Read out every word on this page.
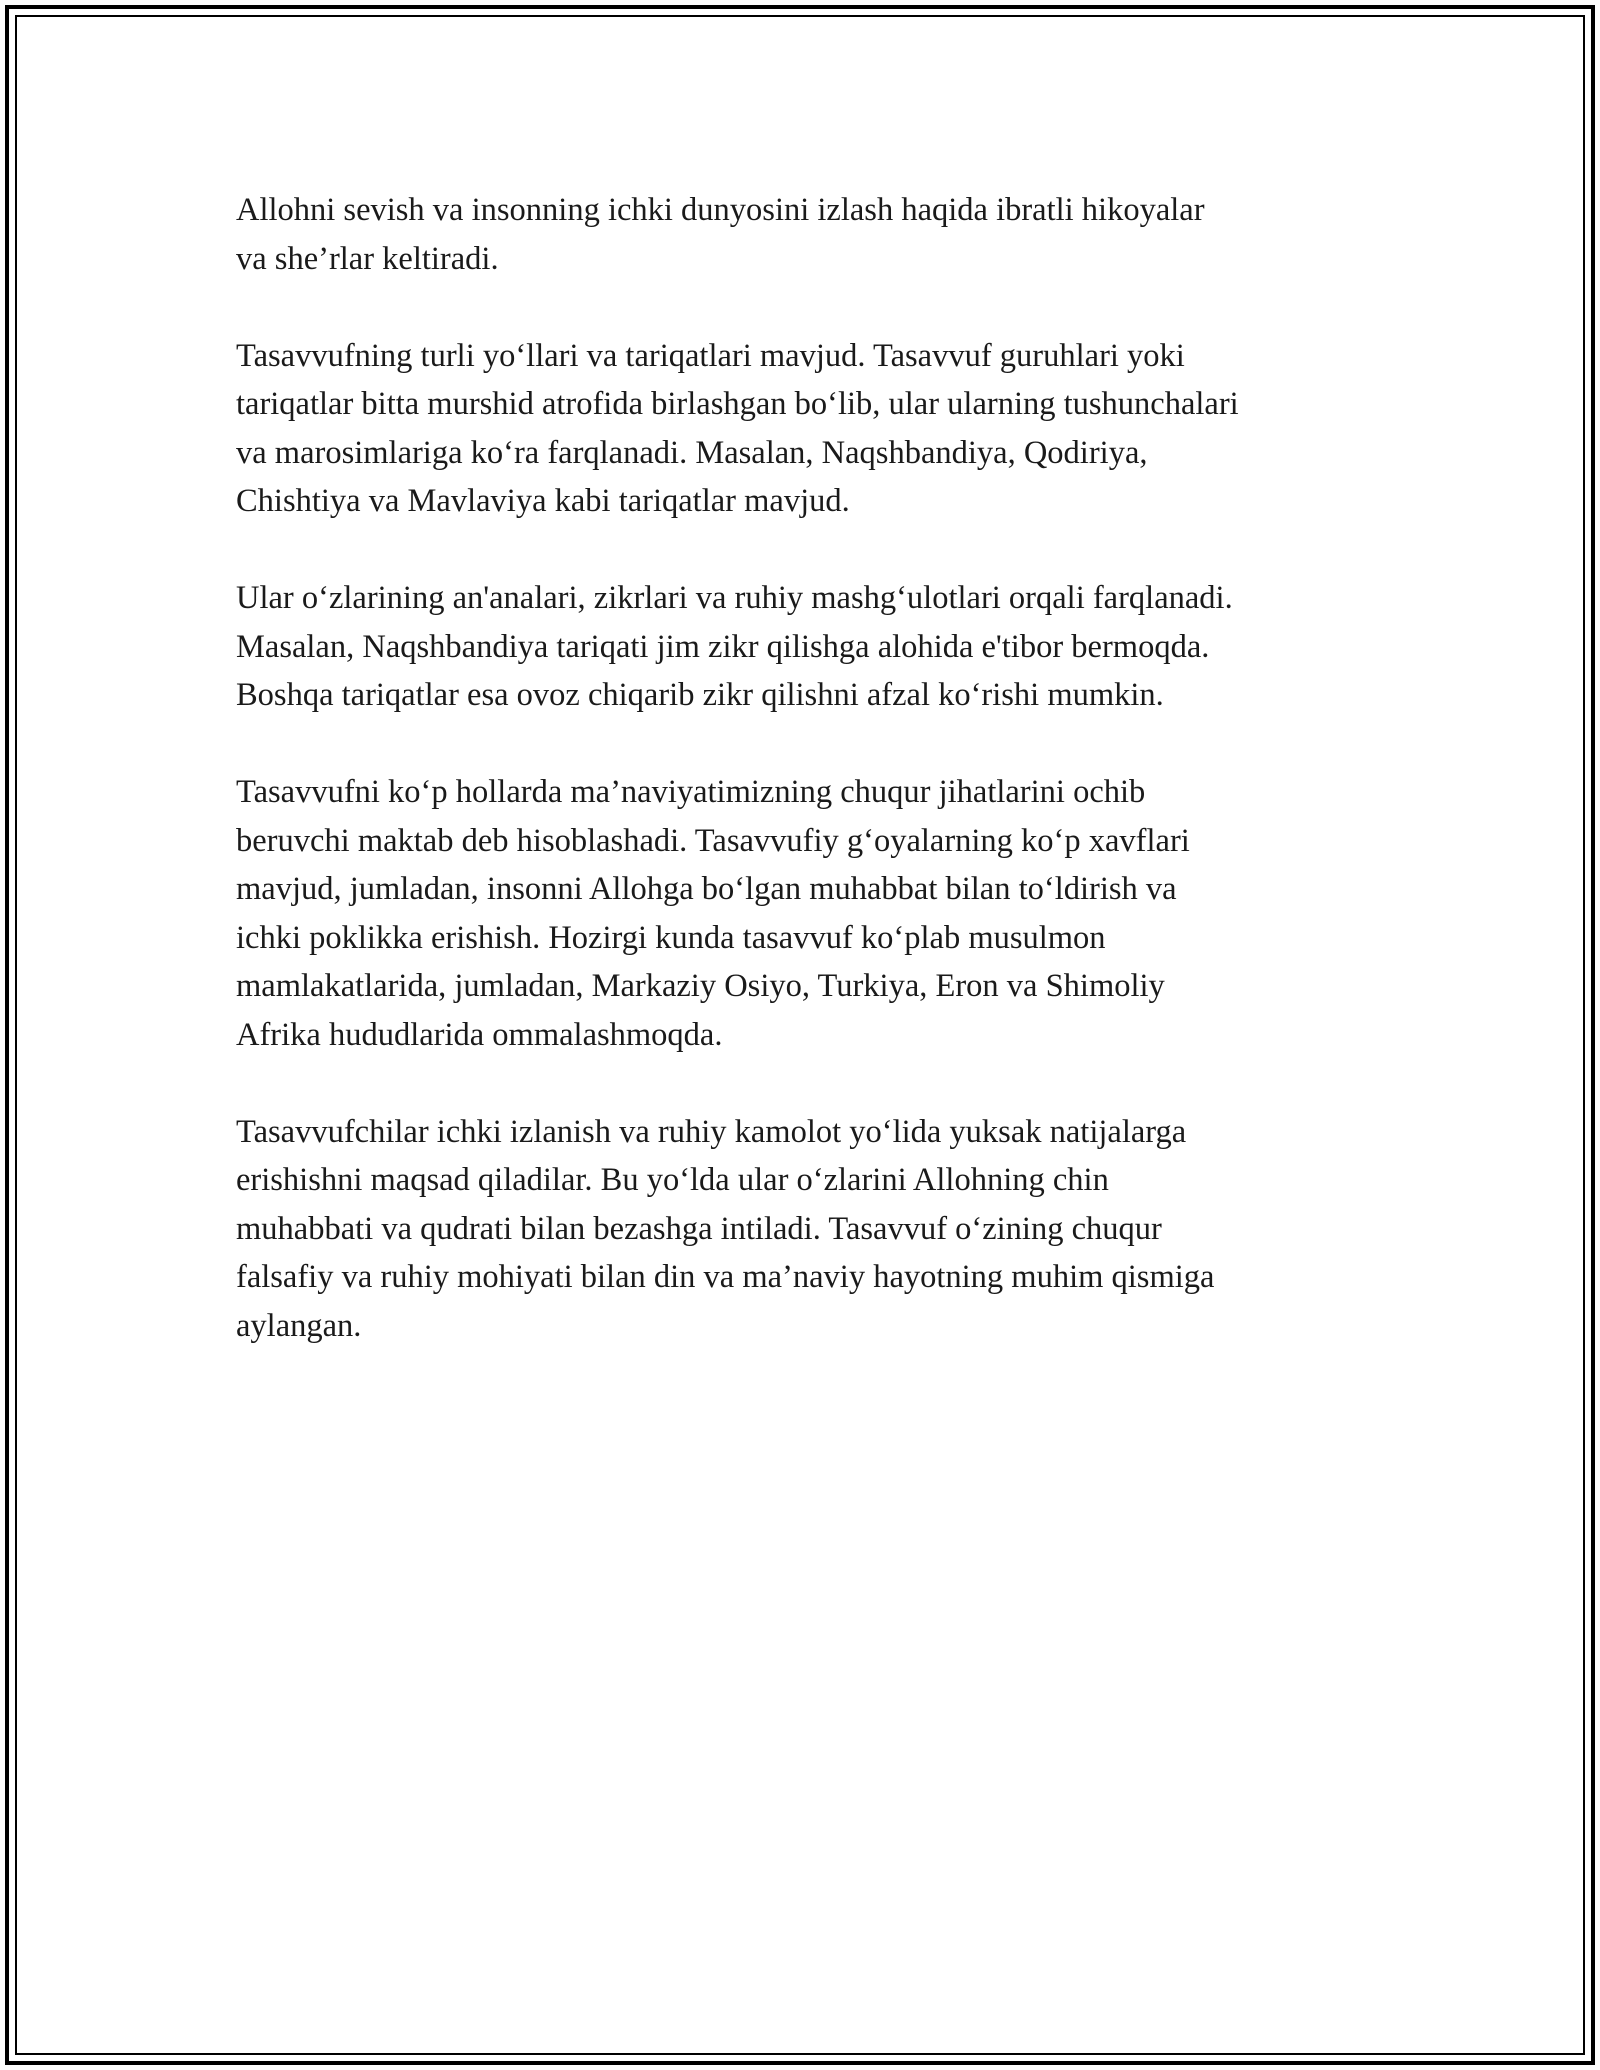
Allohni sevish va insonning ichki dunyosini izlash haqida ibratli hikoyalar
va she’rlar keltiradi.

Tasavvufning turli yo‘llari va tariqatlari mavjud. Tasavvuf guruhlari yoki
tariqatlar bitta murshid atrofida birlashgan bo‘lib, ular ularning tushunchalari
va marosimlariga ko‘ra farqlanadi. Masalan, Naqshbandiya, Qodiriya,
Chishtiya va Mavlaviya kabi tariqatlar mavjud.

Ular o‘zlarining an'analari, zikrlari va ruhiy mashg‘ulotlari orqali farqlanadi.
Masalan, Naqshbandiya tariqati jim zikr qilishga alohida e'tibor bermoqda.
Boshqa tariqatlar esa ovoz chiqarib zikr qilishni afzal ko‘rishi mumkin.

Tasavvufni ko‘p hollarda ma’naviyatimizning chuqur jihatlarini ochib
beruvchi maktab deb hisoblashadi. Tasavvufiy g‘oyalarning ko‘p xavflari
mavjud, jumladan, insonni Allohga bo‘lgan muhabbat bilan to‘ldirish va
ichki poklikka erishish. Hozirgi kunda tasavvuf ko‘plab musulmon
mamlakatlarida, jumladan, Markaziy Osiyo, Turkiya, Eron va Shimoliy
Afrika hududlarida ommalashmoqda.

Tasavvufchilar ichki izlanish va ruhiy kamolot yo‘lida yuksak natijalarga
erishishni maqsad qiladilar. Bu yo‘lda ular o‘zlarini Allohning chin
muhabbati va qudrati bilan bezashga intiladi. Tasavvuf o‘zining chuqur
falsafiy va ruhiy mohiyati bilan din va ma’naviy hayotning muhim qismiga
aylangan.
